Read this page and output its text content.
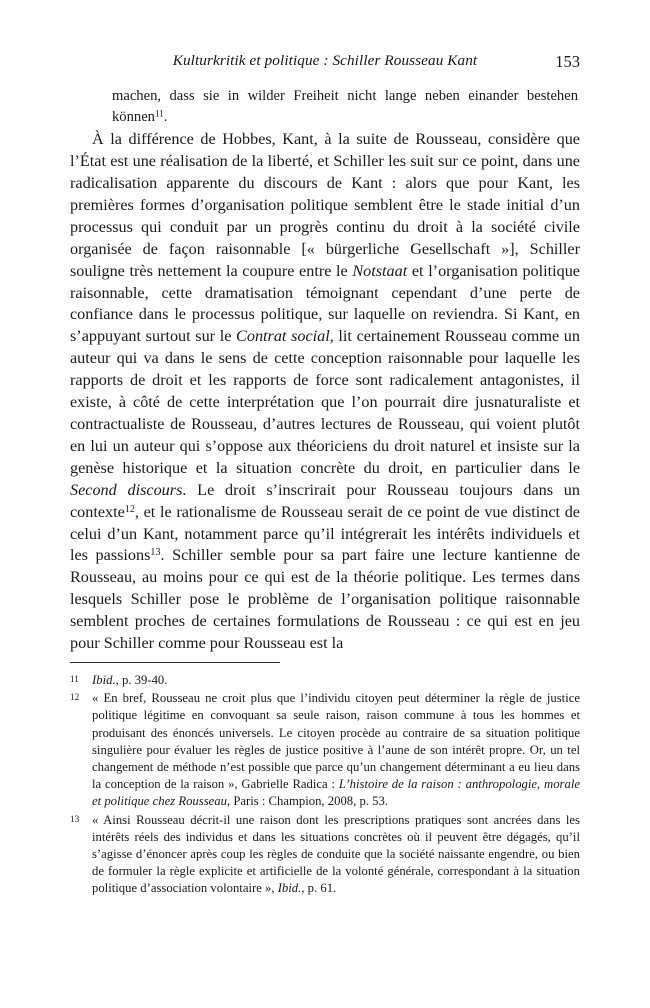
Kulturkritik et politique : Schiller Rousseau Kant	153
machen, dass sie in wilder Freiheit nicht lange neben einander bestehen können$^{11}$.

À la différence de Hobbes, Kant, à la suite de Rousseau, considère que l’État est une réalisation de la liberté, et Schiller les suit sur ce point, dans une radicalisation apparente du discours de Kant : alors que pour Kant, les premières formes d’organisation politique semblent être le stade initial d’un processus qui conduit par un progrès continu du droit à la société civile organisée de façon raisonnable [« bürgerliche Gesellschaft »], Schiller souligne très nettement la coupure entre le Notstaat et l’organisation politique raisonnable, cette dramatisation témoignant cependant d’une perte de confiance dans le processus politique, sur laquelle on reviendra. Si Kant, en s’appuyant surtout sur le Contrat social, lit certainement Rousseau comme un auteur qui va dans le sens de cette conception raisonnable pour laquelle les rapports de droit et les rapports de force sont radicalement antagonistes, il existe, à côté de cette interprétation que l’on pourrait dire jusnaturaliste et contractualiste de Rousseau, d’autres lectures de Rousseau, qui voient plutôt en lui un auteur qui s’oppose aux théoriciens du droit naturel et insiste sur la genèse historique et la situation concrète du droit, en particulier dans le Second discours. Le droit s’inscrirait pour Rousseau toujours dans un contexte$^{12}$, et le rationalisme de Rousseau serait de ce point de vue distinct de celui d’un Kant, notamment parce qu’il intégrerait les intérêts individuels et les passions$^{13}$. Schiller semble pour sa part faire une lecture kantienne de Rousseau, au moins pour ce qui est de la théorie politique. Les termes dans lesquels Schiller pose le problème de l’organisation politique raisonnable semblent proches de certaines formulations de Rousseau : ce qui est en jeu pour Schiller comme pour Rousseau est la

11	Ibid., p. 39-40.
12	« En bref, Rousseau ne croit plus que l’individu citoyen peut déterminer la règle de justice politique légitime en convoquant sa seule raison, raison commune à tous les hommes et produisant des énoncés universels. Le citoyen procède au contraire de sa situation politique singulière pour évaluer les règles de justice positive à l’aune de son intérêt propre. Or, un tel changement de méthode n’est possible que parce qu’un changement déterminant a eu lieu dans la conception de la raison », Gabrielle Radica : L’histoire de la raison : anthropologie, morale et politique chez Rousseau, Paris : Champion, 2008, p. 53.
13	« Ainsi Rousseau décrit-il une raison dont les prescriptions pratiques sont ancrées dans les intérêts réels des individus et dans les situations concrètes où il peuvent être dégagés, qu’il s’agisse d’énoncer après coup les règles de conduite que la société naissante engendre, ou bien de formuler la règle explicite et artificielle de la volonté générale, correspondant à la situation politique d’association volontaire », Ibid., p. 61.
